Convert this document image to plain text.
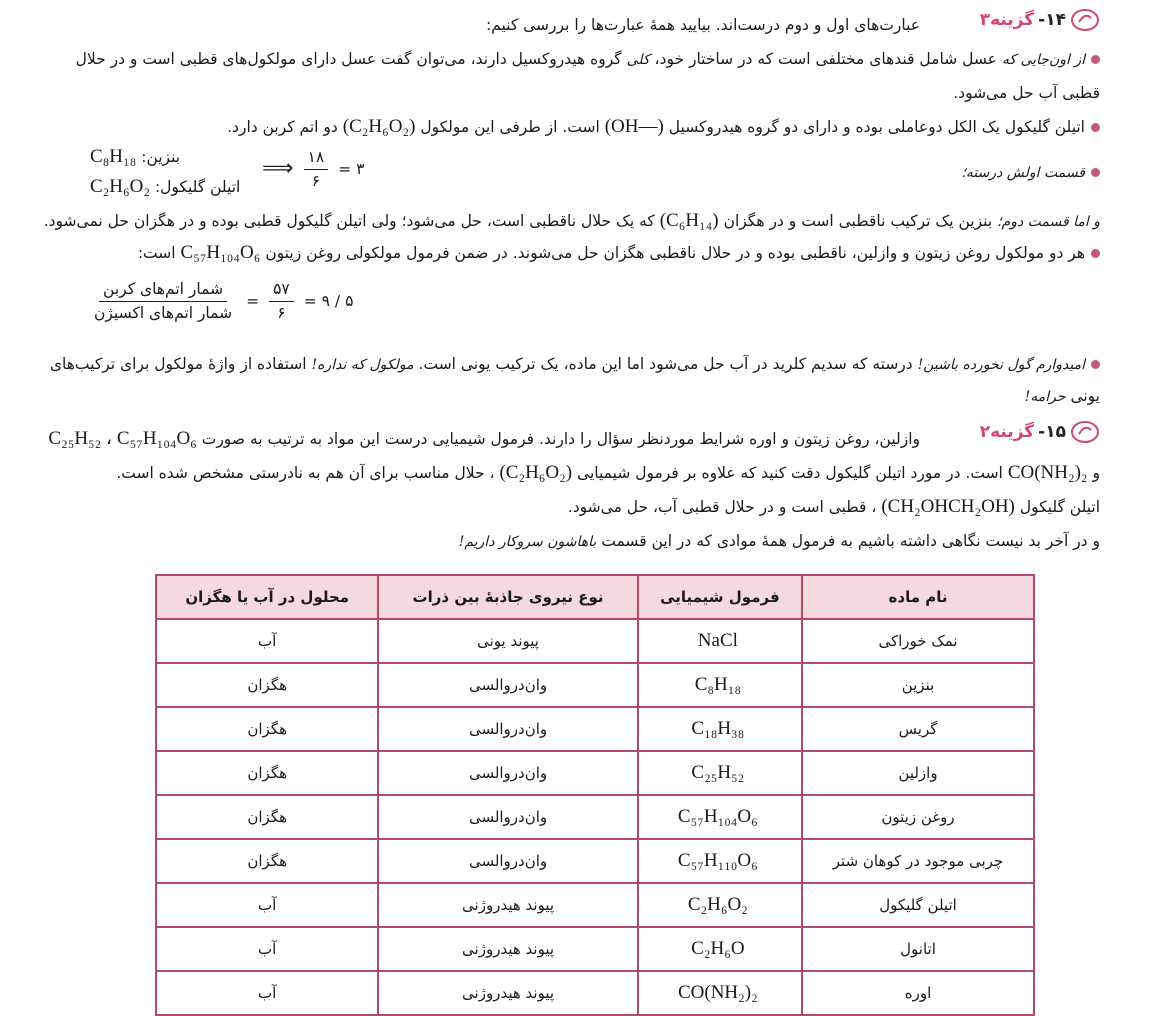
۱۴-
گزینه۳
عبارت‌های اول و دوم درست‌اند. بیایید همهٔ عبارت‌ها را بررسی کنیم:
از اون‌جایی که عسل شامل قندهای مختلفی است که در ساختار خود، کلی گروه هیدروکسیل دارند، می‌توان گفت عسل دارای مولکول‌های قطبی است و در حلال
قطبی آب حل می‌شود.
اتیلن گلیکول یک الکل دوعاملی بوده و دارای دو گروه هیدروکسیل (OH—) است. از طرفی این مولکول (C₂H₆O₂) دو اتم کربن دارد.
بنزین: C₈H₁₈
اتیلن گلیکول: C₂H₆O₂
⟹ $\frac{۱۸}{۶}$ = ۳	قسمت اولش درسته؛
و اما قسمت دوم؛ بنزین یک ترکیب ناقطبی است و در هگزان (C₆H₁₄) که یک حلال ناقطبی است، حل می‌شود؛ ولی اتیلن گلیکول قطبی بوده و در هگزان حل نمی‌شود.
هر دو مولکول روغن زیتون و وازلین، ناقطبی بوده و در حلال ناقطبی هگزان حل می‌شوند. در ضمن فرمول مولکولی روغن زیتون C₅₇H₁₀₄O₆ است:
$\frac{\text{شمار اتم‌های کربن}}{\text{شمار اتم‌های اکسیژن}} = \frac{۵۷}{۶}$ = ۹ / ۵
امیدوارم گول نخورده باشین! درسته که سدیم کلرید در آب حل می‌شود اما این ماده، یک ترکیب یونی است. مولکول که نداره! استفاده از واژهٔ مولکول برای ترکیب‌های
یونی حرامه!
۱۵-
گزینه۲
وازلین، روغن زیتون و اوره شرایط موردنظر سؤال را دارند. فرمول شیمیایی درست این مواد به ترتیب به صورت C₂₅H₅₂ ، C₅₇H₁₀₄O₆
و CO(NH₂)₂ است. در مورد اتیلن گلیکول دقت کنید که علاوه بر فرمول شیمیایی (C₂H₆O₂) ، حلال مناسب برای آن هم به نادرستی مشخص شده است.
اتیلن گلیکول (CH₂OHCH₂OH) ، قطبی است و در حلال قطبی آب، حل می‌شود.
و در آخر بد نیست نگاهی داشته باشیم به فرمول همهٔ موادی که در این قسمت باهاشون سروکار داریم!
نام ماده	فرمول شیمیایی	نوع نیروی جاذبهٔ بین ذرات	محلول در آب یا هگزان
نمک خوراکی	NaCl	پیوند یونی	آب
بنزین	C₈H₁₈	وان‌دروالسی	هگزان
گریس	C₁₈H₃₈	وان‌دروالسی	هگزان
وازلین	C₂₅H₅₂	وان‌دروالسی	هگزان
روغن زیتون	C₅₇H₁₀₄O₆	وان‌دروالسی	هگزان
چربی موجود در کوهان شتر	C₅₇H₁₁₀O₆	وان‌دروالسی	هگزان
اتیلن گلیکول	C₂H₆O₂	پیوند هیدروژنی	آب
اتانول	C₂H₆O	پیوند هیدروژنی	آب
اوره	CO(NH₂)₂	پیوند هیدروژنی	آب
